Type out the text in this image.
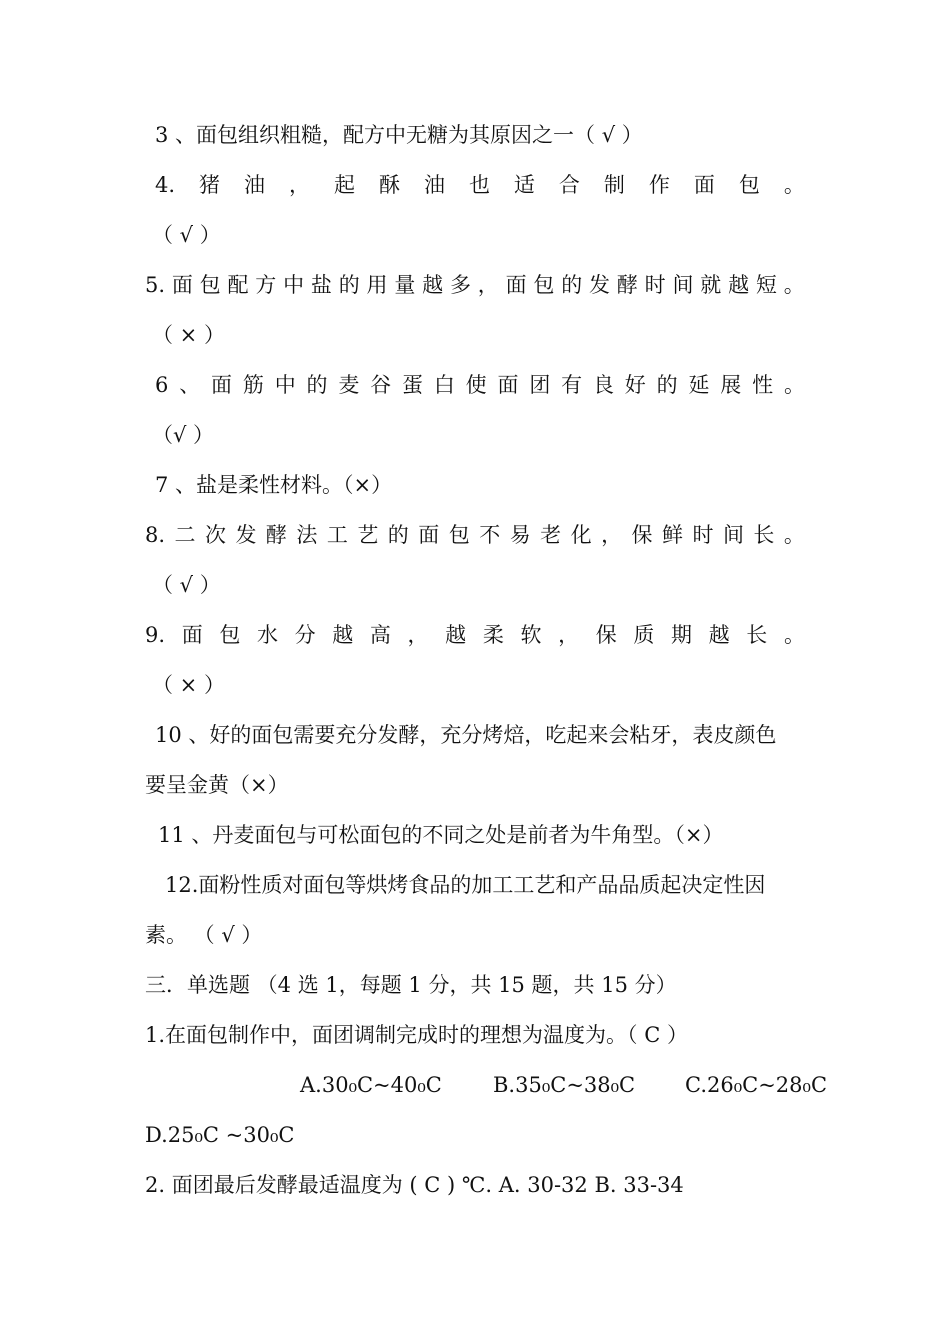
3 、面包组织粗糙，配方中无糖为其原因之一（ √ ）
4. 猪 油 ， 起 酥 油 也 适 合 制 作 面 包 。
（ √ ）
5. 面 包 配 方 中 盐 的 用 量 越 多 ， 面 包 的 发 酵 时 间 就 越 短 。
（ × ）
6 、 面 筋 中 的 麦 谷 蛋 白 使 面 团 有 良 好 的 延 展 性 。
（√ ）
7 、盐是柔性材料。（×）
8. 二 次 发 酵 法 工 艺 的 面 包 不 易 老 化 ， 保 鲜 时 间 长 。
（ √ ）
9. 面 包 水 分 越 高 ， 越 柔 软 ， 保 质 期 越 长 。
（ × ）
10 、好的面包需要充分发酵，充分烤焙，吃起来会粘牙，表皮颜色
要呈金黄（×）
11 、丹麦面包与可松面包的不同之处是前者为牛角型。（×）
12.面粉性质对面包等烘烤食品的加工工艺和产品品质起决定性因
素。 （ √ ）
三．单选题 （4 选 1，每题 1 分，共 15 题，共 15 分）
1.在面包制作中，面团调制完成时的理想为温度为。（ C ）
A.30₀C~40₀C B.35₀C~38₀C C.26₀C~28₀C
D.25₀C ~30₀C
2. 面团最后发酵最适温度为 ( C ) ℃. A. 30-32 B. 33-34
